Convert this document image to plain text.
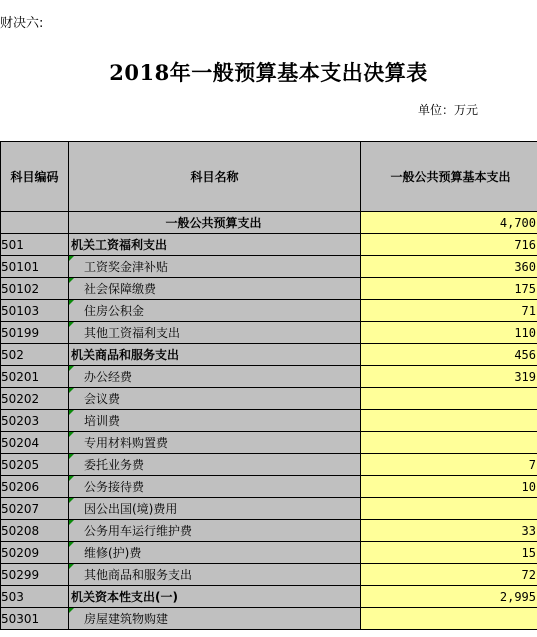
财决六:
2018年一般预算基本支出决算表
单位：万元
科目编码	科目名称	一般公共预算基本支出
	一般公共预算支出	4,700
501	机关工资福利支出	716
50101	工资奖金津补贴	360
50102	社会保障缴费	175
50103	住房公积金	71
50199	其他工资福利支出	110
502	机关商品和服务支出	456
50201	办公经费	319
50202	会议费	
50203	培训费	
50204	专用材料购置费	
50205	委托业务费	7
50206	公务接待费	10
50207	因公出国(境)费用	
50208	公务用车运行维护费	33
50209	维修(护)费	15
50299	其他商品和服务支出	72
503	机关资本性支出(一)	2,995
50301	房屋建筑物购建	
